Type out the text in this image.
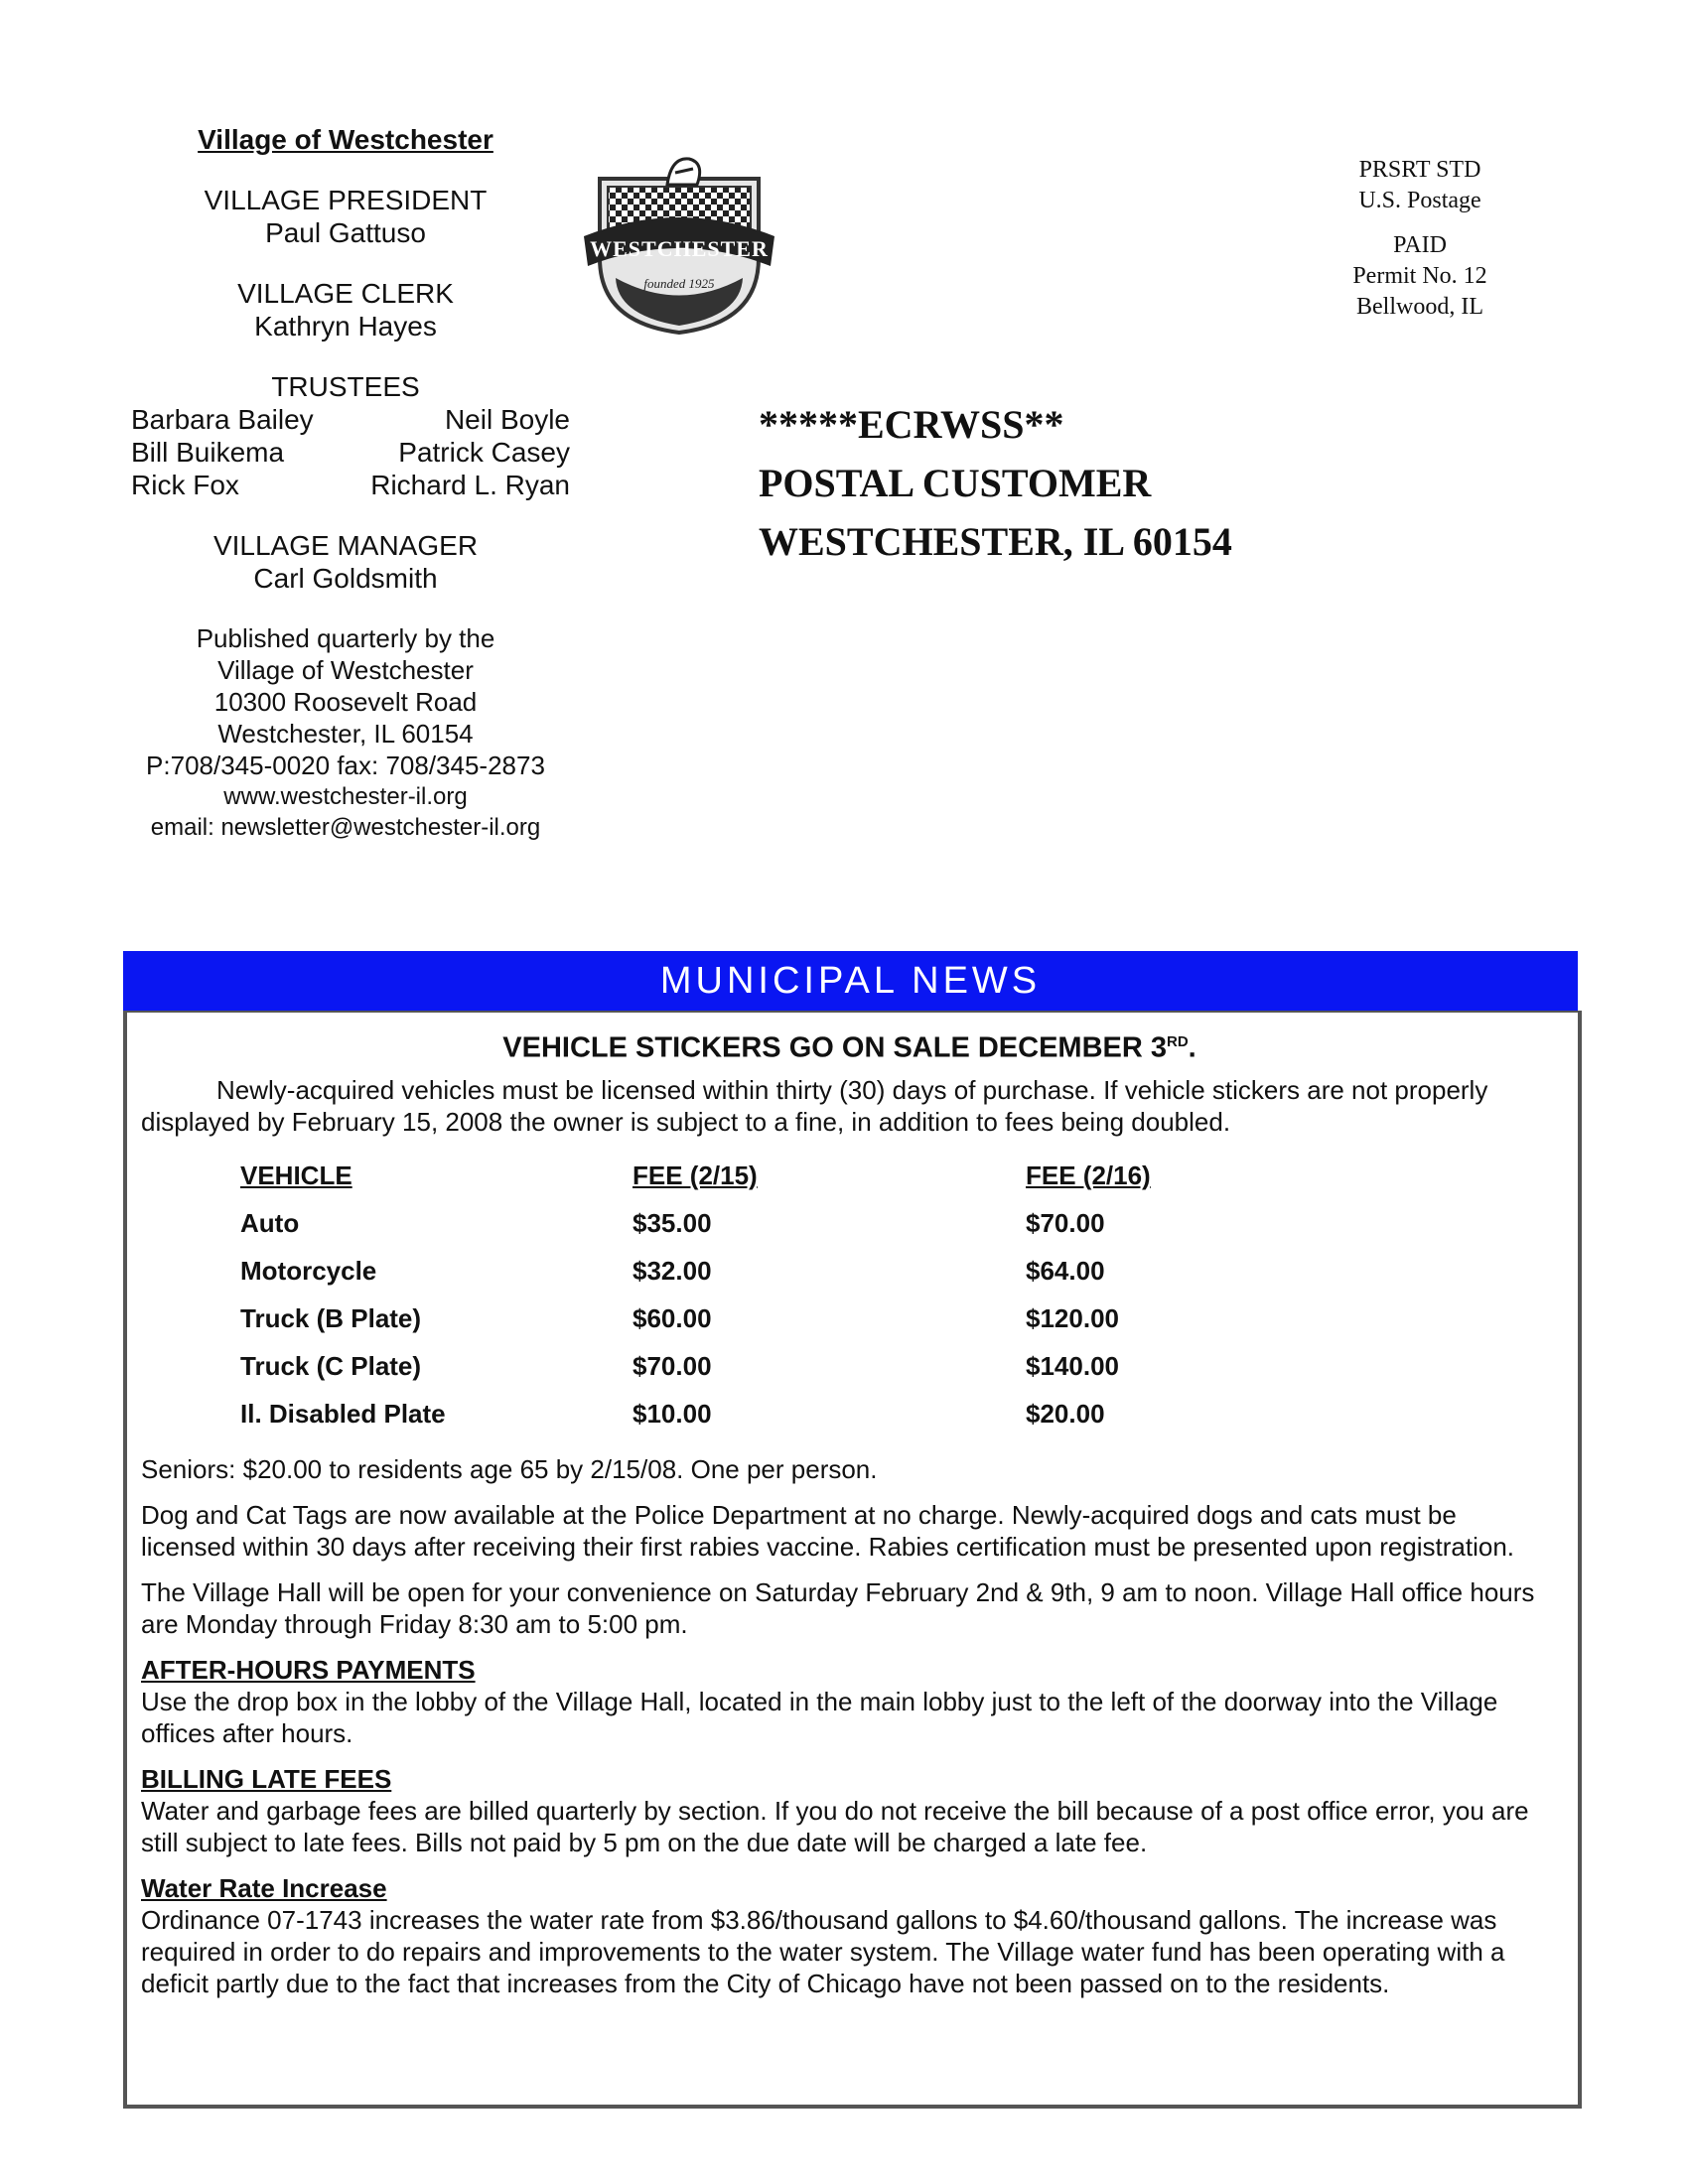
Village of Westchester
VILLAGE PRESIDENT
Paul Gattuso
VILLAGE CLERK
Kathryn Hayes
TRUSTEES
Barbara Bailey	Neil Boyle
Bill Buikema	Patrick Casey
Rick Fox	Richard L. Ryan
VILLAGE MANAGER
Carl Goldsmith
Published quarterly by the
Village of Westchester
10300 Roosevelt Road
Westchester, IL 60154
P:708/345-0020 fax: 708/345-2873
www.westchester-il.org
email: newsletter@westchester-il.org
WESTCHESTER
founded 1925
PRSRT STD
U.S. Postage
PAID
Permit No. 12
Bellwood, IL
*****ECRWSS**
POSTAL CUSTOMER
WESTCHESTER, IL 60154
MUNICIPAL NEWS
VEHICLE STICKERS GO ON SALE DECEMBER 3RD.

Newly-acquired vehicles must be licensed within thirty (30) days of purchase. If vehicle stickers are not properly displayed by February 15, 2008 the owner is subject to a fine, in addition to fees being doubled.

VEHICLE	FEE (2/15)	FEE (2/16)
Auto	$35.00	$70.00
Motorcycle	$32.00	$64.00
Truck (B Plate)	$60.00	$120.00
Truck (C Plate)	$70.00	$140.00
Il. Disabled Plate	$10.00	$20.00

Seniors: $20.00 to residents age 65 by 2/15/08. One per person.

Dog and Cat Tags are now available at the Police Department at no charge. Newly-acquired dogs and cats must be licensed within 30 days after receiving their first rabies vaccine. Rabies certification must be presented upon registration.

The Village Hall will be open for your convenience on Saturday February 2nd & 9th, 9 am to noon. Village Hall office hours are Monday through Friday 8:30 am to 5:00 pm.

AFTER-HOURS PAYMENTS
Use the drop box in the lobby of the Village Hall, located in the main lobby just to the left of the doorway into the Village offices after hours.

BILLING LATE FEES
Water and garbage fees are billed quarterly by section. If you do not receive the bill because of a post office error, you are still subject to late fees. Bills not paid by 5 pm on the due date will be charged a late fee.

Water Rate Increase
Ordinance 07-1743 increases the water rate from $3.86/thousand gallons to $4.60/thousand gallons. The increase was required in order to do repairs and improvements to the water system. The Village water fund has been operating with a deficit partly due to the fact that increases from the City of Chicago have not been passed on to the residents.
